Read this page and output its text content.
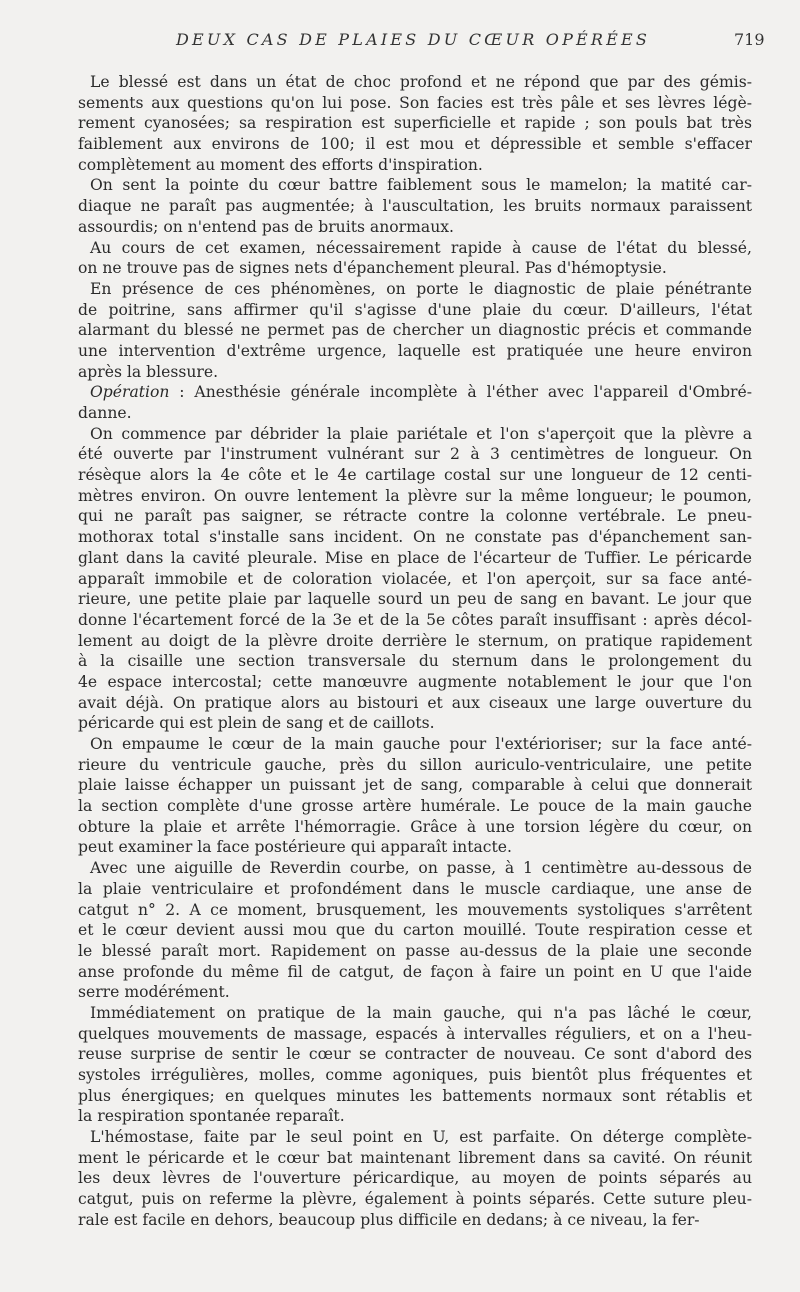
DEUX CAS DE PLAIES DU CŒUR OPÉRÉES	719
Le blessé est dans un état de choc profond et ne répond que par des gémis-
sements aux questions qu'on lui pose. Son facies est très pâle et ses lèvres légè-
rement cyanosées; sa respiration est superficielle et rapide ; son pouls bat très
faiblement aux environs de 100; il est mou et dépressible et semble s'effacer
complètement au moment des efforts d'inspiration.
On sent la pointe du cœur battre faiblement sous le mamelon; la matité car-
diaque ne paraît pas augmentée; à l'auscultation, les bruits normaux paraissent
assourdis; on n'entend pas de bruits anormaux.
Au cours de cet examen, nécessairement rapide à cause de l'état du blessé,
on ne trouve pas de signes nets d'épanchement pleural. Pas d'hémoptysie.
En présence de ces phénomènes, on porte le diagnostic de plaie pénétrante
de poitrine, sans affirmer qu'il s'agisse d'une plaie du cœur. D'ailleurs, l'état
alarmant du blessé ne permet pas de chercher un diagnostic précis et commande
une intervention d'extrême urgence, laquelle est pratiquée une heure environ
après la blessure.
Opération : Anesthésie générale incomplète à l'éther avec l'appareil d'Ombré-
danne.
On commence par débrider la plaie pariétale et l'on s'aperçoit que la plèvre a
été ouverte par l'instrument vulnérant sur 2 à 3 centimètres de longueur. On
résèque alors la 4e côte et le 4e cartilage costal sur une longueur de 12 centi-
mètres environ. On ouvre lentement la plèvre sur la même longueur; le poumon,
qui ne paraît pas saigner, se rétracte contre la colonne vertébrale. Le pneu-
mothorax total s'installe sans incident. On ne constate pas d'épanchement san-
glant dans la cavité pleurale. Mise en place de l'écarteur de Tuffier. Le péricarde
apparaît immobile et de coloration violacée, et l'on aperçoit, sur sa face anté-
rieure, une petite plaie par laquelle sourd un peu de sang en bavant. Le jour que
donne l'écartement forcé de la 3e et de la 5e côtes paraît insuffisant : après décol-
lement au doigt de la plèvre droite derrière le sternum, on pratique rapidement
à la cisaille une section transversale du sternum dans le prolongement du
4e espace intercostal; cette manœuvre augmente notablement le jour que l'on
avait déjà. On pratique alors au bistouri et aux ciseaux une large ouverture du
péricarde qui est plein de sang et de caillots.
On empaume le cœur de la main gauche pour l'extérioriser; sur la face anté-
rieure du ventricule gauche, près du sillon auriculo-ventriculaire, une petite
plaie laisse échapper un puissant jet de sang, comparable à celui que donnerait
la section complète d'une grosse artère humérale. Le pouce de la main gauche
obture la plaie et arrête l'hémorragie. Grâce à une torsion légère du cœur, on
peut examiner la face postérieure qui apparaît intacte.
Avec une aiguille de Reverdin courbe, on passe, à 1 centimètre au-dessous de
la plaie ventriculaire et profondément dans le muscle cardiaque, une anse de
catgut n° 2. A ce moment, brusquement, les mouvements systoliques s'arrêtent
et le cœur devient aussi mou que du carton mouillé. Toute respiration cesse et
le blessé paraît mort. Rapidement on passe au-dessus de la plaie une seconde
anse profonde du même fil de catgut, de façon à faire un point en U que l'aide
serre modérément.
Immédiatement on pratique de la main gauche, qui n'a pas lâché le cœur,
quelques mouvements de massage, espacés à intervalles réguliers, et on a l'heu-
reuse surprise de sentir le cœur se contracter de nouveau. Ce sont d'abord des
systoles irrégulières, molles, comme agoniques, puis bientôt plus fréquentes et
plus énergiques; en quelques minutes les battements normaux sont rétablis et
la respiration spontanée reparaît.
L'hémostase, faite par le seul point en U, est parfaite. On déterge complète-
ment le péricarde et le cœur bat maintenant librement dans sa cavité. On réunit
les deux lèvres de l'ouverture péricardique, au moyen de points séparés au
catgut, puis on referme la plèvre, également à points séparés. Cette suture pleu-
rale est facile en dehors, beaucoup plus difficile en dedans; à ce niveau, la fer-
